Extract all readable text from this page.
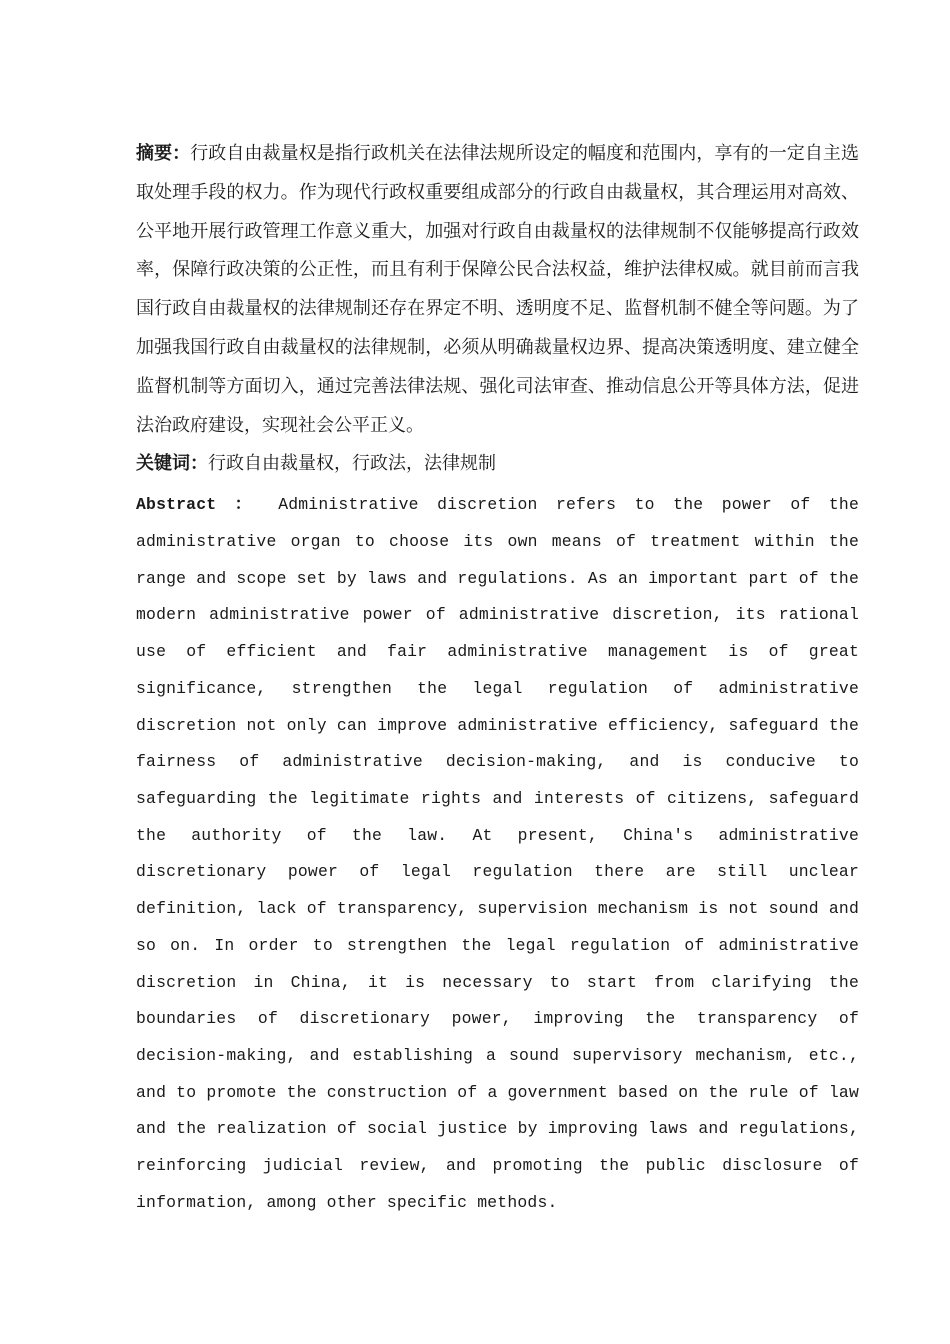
摘要：行政自由裁量权是指行政机关在法律法规所设定的幅度和范围内，享有的一定自主选取处理手段的权力。作为现代行政权重要组成部分的行政自由裁量权，其合理运用对高效、公平地开展行政管理工作意义重大，加强对行政自由裁量权的法律规制不仅能够提高行政效率，保障行政决策的公正性，而且有利于保障公民合法权益，维护法律权威。就目前而言我国行政自由裁量权的法律规制还存在界定不明、透明度不足、监督机制不健全等问题。为了加强我国行政自由裁量权的法律规制，必须从明确裁量权边界、提高决策透明度、建立健全监督机制等方面切入，通过完善法律法规、强化司法审查、推动信息公开等具体方法，促进法治政府建设，实现社会公平正义。

关键词：行政自由裁量权，行政法，法律规制

Abstract ： Administrative discretion refers to the power of the administrative organ to choose its own means of treatment within the range and scope set by laws and regulations. As an important part of the modern administrative power of administrative discretion, its rational use of efficient and fair administrative management is of great significance, strengthen the legal regulation of administrative discretion not only can improve administrative efficiency, safeguard the fairness of administrative decision-making, and is conducive to safeguarding the legitimate rights and interests of citizens, safeguard the authority of the law. At present, China's administrative discretionary power of legal regulation there are still unclear definition, lack of transparency, supervision mechanism is not sound and so on. In order to strengthen the legal regulation of administrative discretion in China, it is necessary to start from clarifying the boundaries of discretionary power, improving the transparency of decision-making, and establishing a sound supervisory mechanism, etc., and to promote the construction of a government based on the rule of law and the realization of social justice by improving laws and regulations, reinforcing judicial review, and promoting the public disclosure of information, among other specific methods.
